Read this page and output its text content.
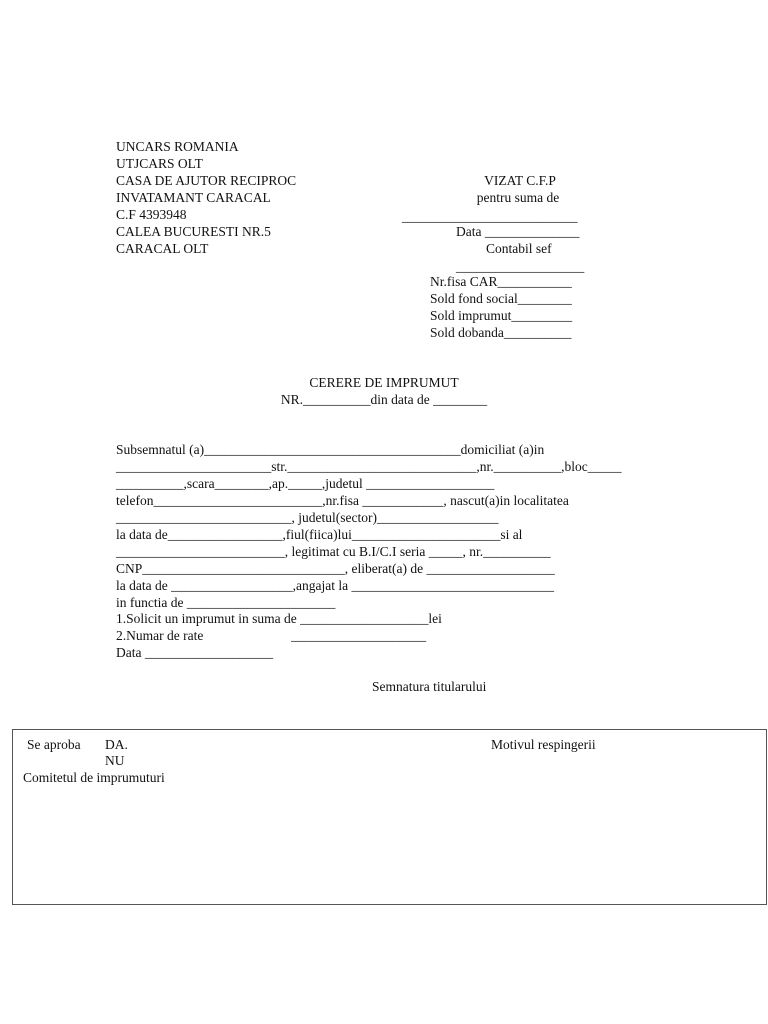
UNCARS ROMANIA
UTJCARS OLT
CASA DE AJUTOR RECIPROC
INVATAMANT CARACAL
C.F 4393948
CALEA BUCURESTI NR.5
CARACAL OLT
VIZAT C.F.P
pentru suma de
__________________________
Data ______________
Contabil sef
___________________
Nr.fisa CAR___________
Sold fond social________
Sold imprumut_________
Sold dobanda__________
CERERE DE IMPRUMUT
NR.__________din data de ________
Subsemnatul (a)______________________________________domiciliat (a)in
_______________________str.____________________________,nr.__________,bloc_____
__________,scara________,ap._____,judetul ___________________
telefon_________________________,nr.fisa ____________, nascut(a)in localitatea
__________________________, judetul(sector)__________________
la data de_________________,fiul(fiica)lui______________________si al
_________________________, legitimat cu B.I/C.I seria _____, nr.__________
CNP______________________________, eliberat(a) de ___________________
la data de __________________,angajat la ______________________________
in functia de ______________________
1.Solicit un imprumut in suma de ___________________lei
2.Numar de rate                          ____________________
Data ___________________
Semnatura titularului
Se aproba DA.
NU
Comitetul de imprumuturi
Motivul respingerii
